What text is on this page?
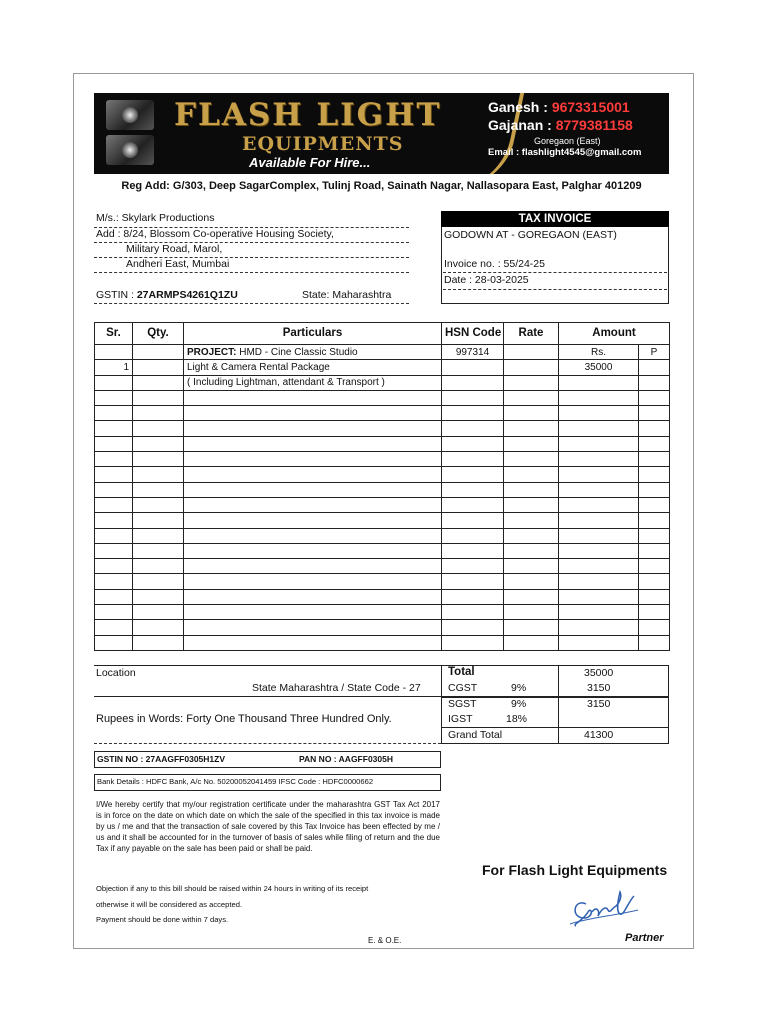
FLASH LIGHT
EQUIPMENTS
Available For Hire...
Ganesh : 9673315001
Gajanan : 8779381158
Goregaon (East)
Email : flashlight4545@gmail.com
Reg Add: G/303, Deep SagarComplex, Tulinj Road, Sainath Nagar, Nallasopara East, Palghar 401209
M/s.: Skylark Productions
Add : 8/24, Blossom Co-operative Housing Society,
Military Road, Marol,
Andheri East, Mumbai
GSTIN : 27ARMPS4261Q1ZU	State: Maharashtra
TAX INVOICE
GODOWN AT - GOREGAON (EAST)
Invoice no. : 55/24-25
Date : 28-03-2025
Sr.	Qty.	Particulars	HSN Code	Rate	Amount	
		PROJECT: HMD - Cine Classic Studio	997314		Rs.	P
1		Light & Camera Rental Package			35000	
		( Including Lightman, attendant & Transport )				

Location
State Maharashtra / State Code - 27
Rupees in Words: Forty One Thousand Three Hundred Only.
Total	35000
CGST	9%	3150
SGST	9%	3150
IGST	18%
Grand Total	41300
GSTIN NO : 27AAGFF0305H1ZV	PAN NO : AAGFF0305H
Bank Details : HDFC Bank, A/c No. 50200052041459 IFSC Code : HDFC0000662
I/We hereby certify that my/our registration certificate under the maharashtra GST Tax Act 2017 is in force on the date on which date on which the sale of the specified in this tax invoice is made by us / me and that the transaction of sale covered by this Tax Invoice has been effected by me / us and it shall be accounted for in the turnover of basis of sales while filing of return and the due Tax if any payable on the sale has been paid or shall be paid.
Objection if any to this bill should be raised within 24 hours in writing of its receipt
otherwise it will be considered as accepted.
Payment should be done within 7 days.
E. & O.E.
For Flash Light Equipments
Partner
